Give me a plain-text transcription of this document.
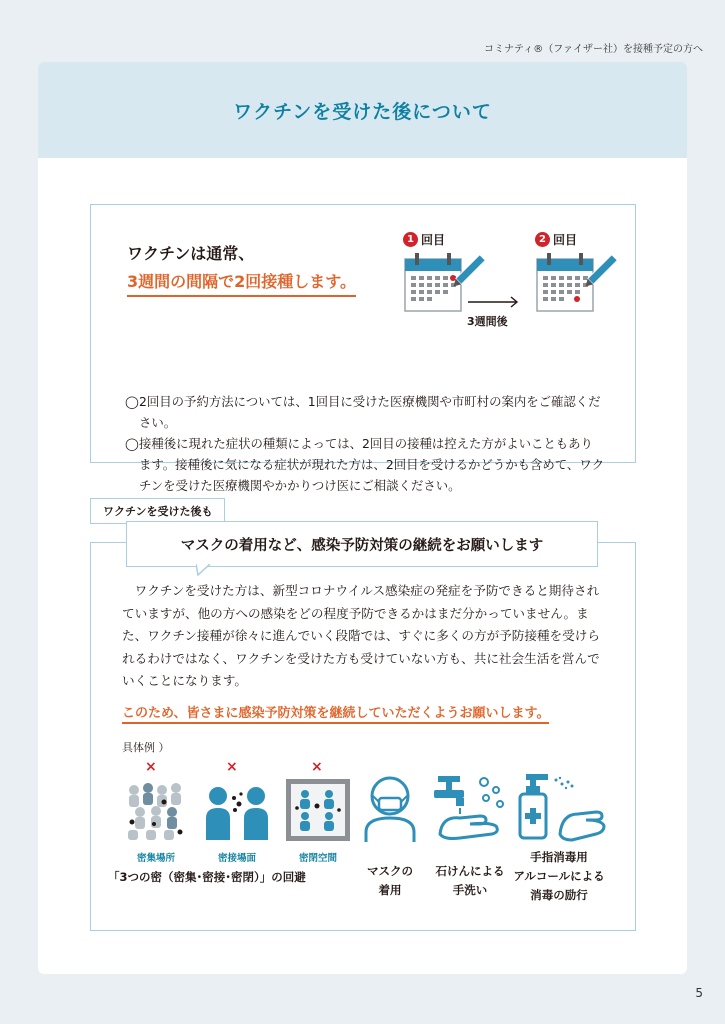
コミナティ®（ファイザー社）を接種予定の方へ
ワクチンを受けた後について
ワクチンは通常、
3週間の間隔で2回接種します。
1 回目
3週間後
2 回目
◯ 2回目の予約方法については、1回目に受けた医療機関や市町村の案内をご確認ください。
◯ 接種後に現れた症状の種類によっては、2回目の接種は控えた方がよいこともあります。接種後に気になる症状が現れた方は、2回目を受けるかどうかも含めて、ワクチンを受けた医療機関やかかりつけ医にご相談ください。
ワクチンを受けた後も
マスクの着用など、感染予防対策の継続をお願いします
ワクチンを受けた方は、新型コロナウイルス感染症の発症を予防できると期待されていますが、他の方への感染をどの程度予防できるかはまだ分かっていません。また、ワクチン接種が徐々に進んでいく段階では、すぐに多くの方が予防接種を受けられるわけではなく、ワクチンを受けた方も受けていない方も、共に社会生活を営んでいくことになります。
このため、皆さまに感染予防対策を継続していただくようお願いします。
具体例 ）
×	×	×
密集場所	密接場面	密閉空間
「3つの密（密集･密接･密閉）」の回避	マスクの
着用
石けんによる
手洗い
手指消毒用
アルコールによる
消毒の励行
5
